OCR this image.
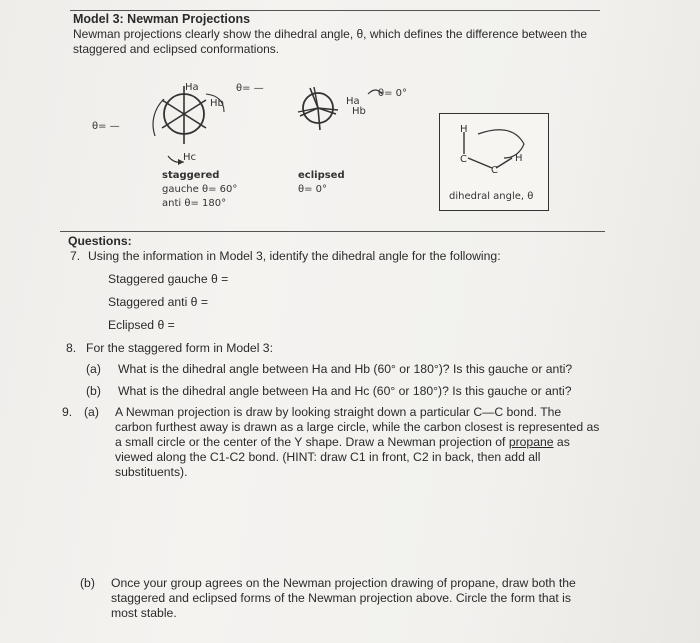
Model 3: Newman Projections
Newman projections clearly show the dihedral angle, θ, which defines the difference between the staggered and eclipsed conformations.
θ= —
θ= —
Ha
Hb
Hc
staggered
gauche θ= 60°
anti θ= 180°
Ha
Hb
θ= 0°
eclipsed
θ= 0°
H
C
C
H
dihedral angle, θ
Questions:
7. Using the information in Model 3, identify the dihedral angle for the following:
Staggered gauche θ =
Staggered anti θ =
Eclipsed θ =
8. For the staggered form in Model 3:
(a) What is the dihedral angle between Ha and Hb (60° or 180°)? Is this gauche or anti?
(b) What is the dihedral angle between Ha and Hc (60° or 180°)? Is this gauche or anti?
9. (a) A Newman projection is draw by looking straight down a particular C—C bond. The carbon furthest away is drawn as a large circle, while the carbon closest is represented as a small circle or the center of the Y shape. Draw a Newman projection of propane as viewed along the C1-C2 bond. (HINT: draw C1 in front, C2 in back, then add all substituents).
(b) Once your group agrees on the Newman projection drawing of propane, draw both the staggered and eclipsed forms of the Newman projection above. Circle the form that is most stable.
